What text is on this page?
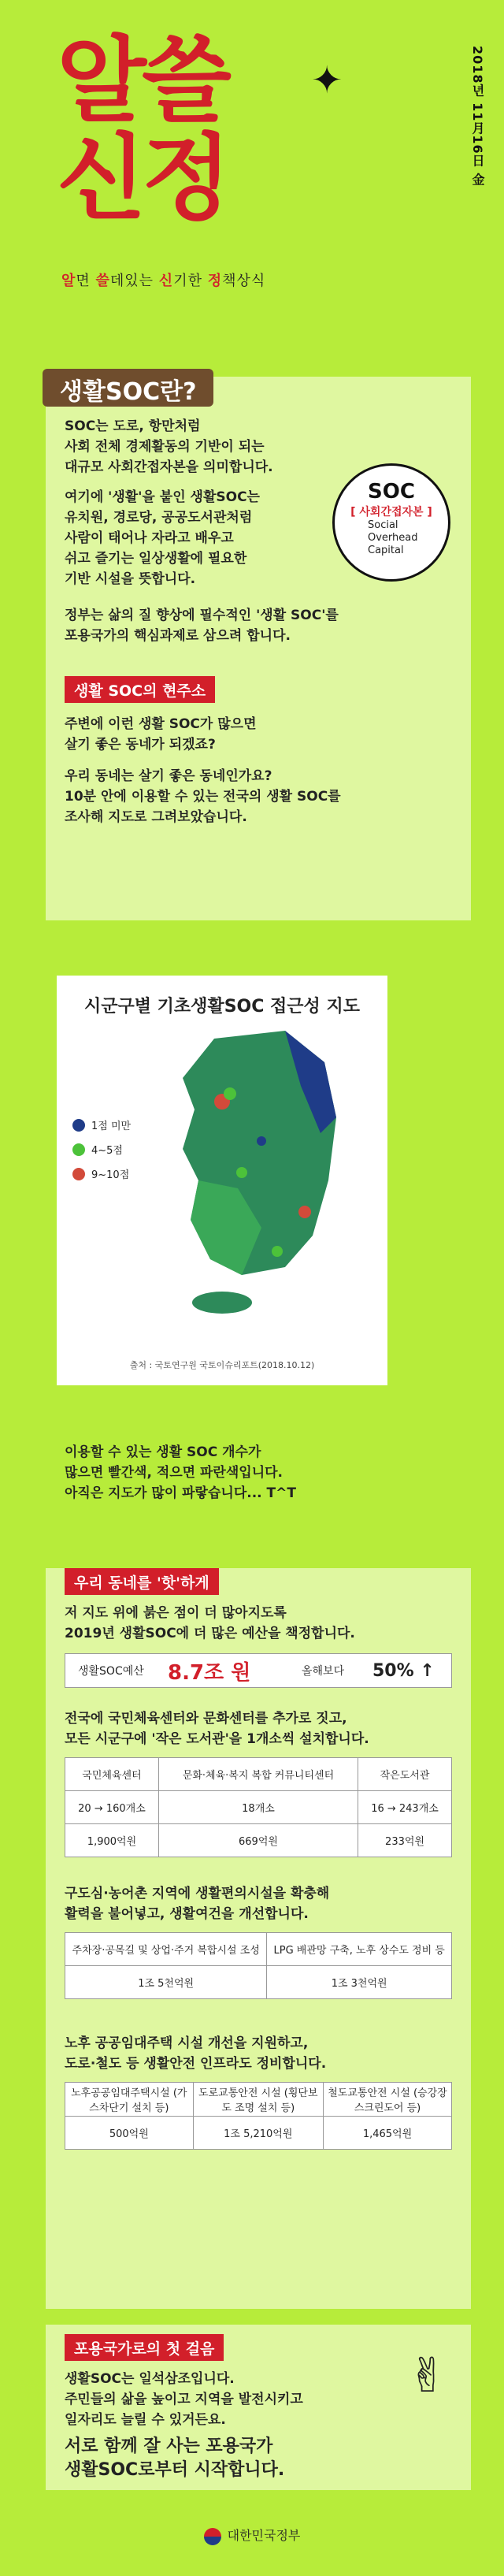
알쓸
신정
✦	2018년 11月16日 金
알면 쓸데있는 신기한 정책상식
생활SOC란?
SOC는 도로, 항만처럼
사회 전체 경제활동의 기반이 되는
대규모 사회간접자본을 의미합니다.
여기에 '생활'을 붙인 생활SOC는
유치원, 경로당, 공공도서관처럼
사람이 태어나 자라고 배우고
쉬고 즐기는 일상생활에 필요한
기반 시설을 뜻합니다.
정부는 삶의 질 향상에 필수적인 '생활 SOC'를
포용국가의 핵심과제로 삼으려 합니다.
SOC
[ 사회간접자본 ]
Social
Overhead
Capital
생활 SOC의 현주소
주변에 이런 생활 SOC가 많으면
살기 좋은 동네가 되겠죠?
우리 동네는 살기 좋은 동네인가요?
10분 안에 이용할 수 있는 전국의 생활 SOC를
조사해 지도로 그려보았습니다.
시군구별 기초생활SOC 접근성 지도
1점 미만
4~5점
9~10점
출처 : 국토연구원 국토이슈리포트(2018.10.12)
이용할 수 있는 생활 SOC 개수가
많으면 빨간색, 적으면 파란색입니다.
아직은 지도가 많이 파랗습니다... T^T
우리 동네를 '핫'하게
저 지도 위에 붉은 점이 더 많아지도록
2019년 생활SOC에 더 많은 예산을 책정합니다.
생활SOC예산	8.7조 원	올해보다	50% ↑
전국에 국민체육센터와 문화센터를 추가로 짓고,
모든 시군구에 '작은 도서관'을 1개소씩 설치합니다.
국민체육센터	문화·체육·복지 복합 커뮤니티센터	작은도서관
20 → 160개소	18개소	16 → 243개소
1,900억원	669억원	233억원
구도심·농어촌 지역에 생활편의시설을 확충해
활력을 불어넣고, 생활여건을 개선합니다.
주차장·공목길 및 상업·주거 복합시설 조성	LPG 배관망 구축, 노후 상수도 정비 등
1조 5천억원	1조 3천억원
노후 공공임대주택 시설 개선을 지원하고,
도로·철도 등 생활안전 인프라도 정비합니다.
노후공공임대주택시설 (가스차단기 설치 등)	도로교통안전 시설 (횡단보도 조명 설치 등)	철도교통안전 시설 (승강장 스크린도어 등)
500억원	1조 5,210억원	1,465억원
포용국가로의 첫 걸음
생활SOC는 일석삼조입니다.
주민들의 삶을 높이고 지역을 발전시키고
일자리도 늘릴 수 있거든요.
서로 함께 잘 사는 포용국가
생활SOC로부터 시작합니다.
✌
대한민국정부
